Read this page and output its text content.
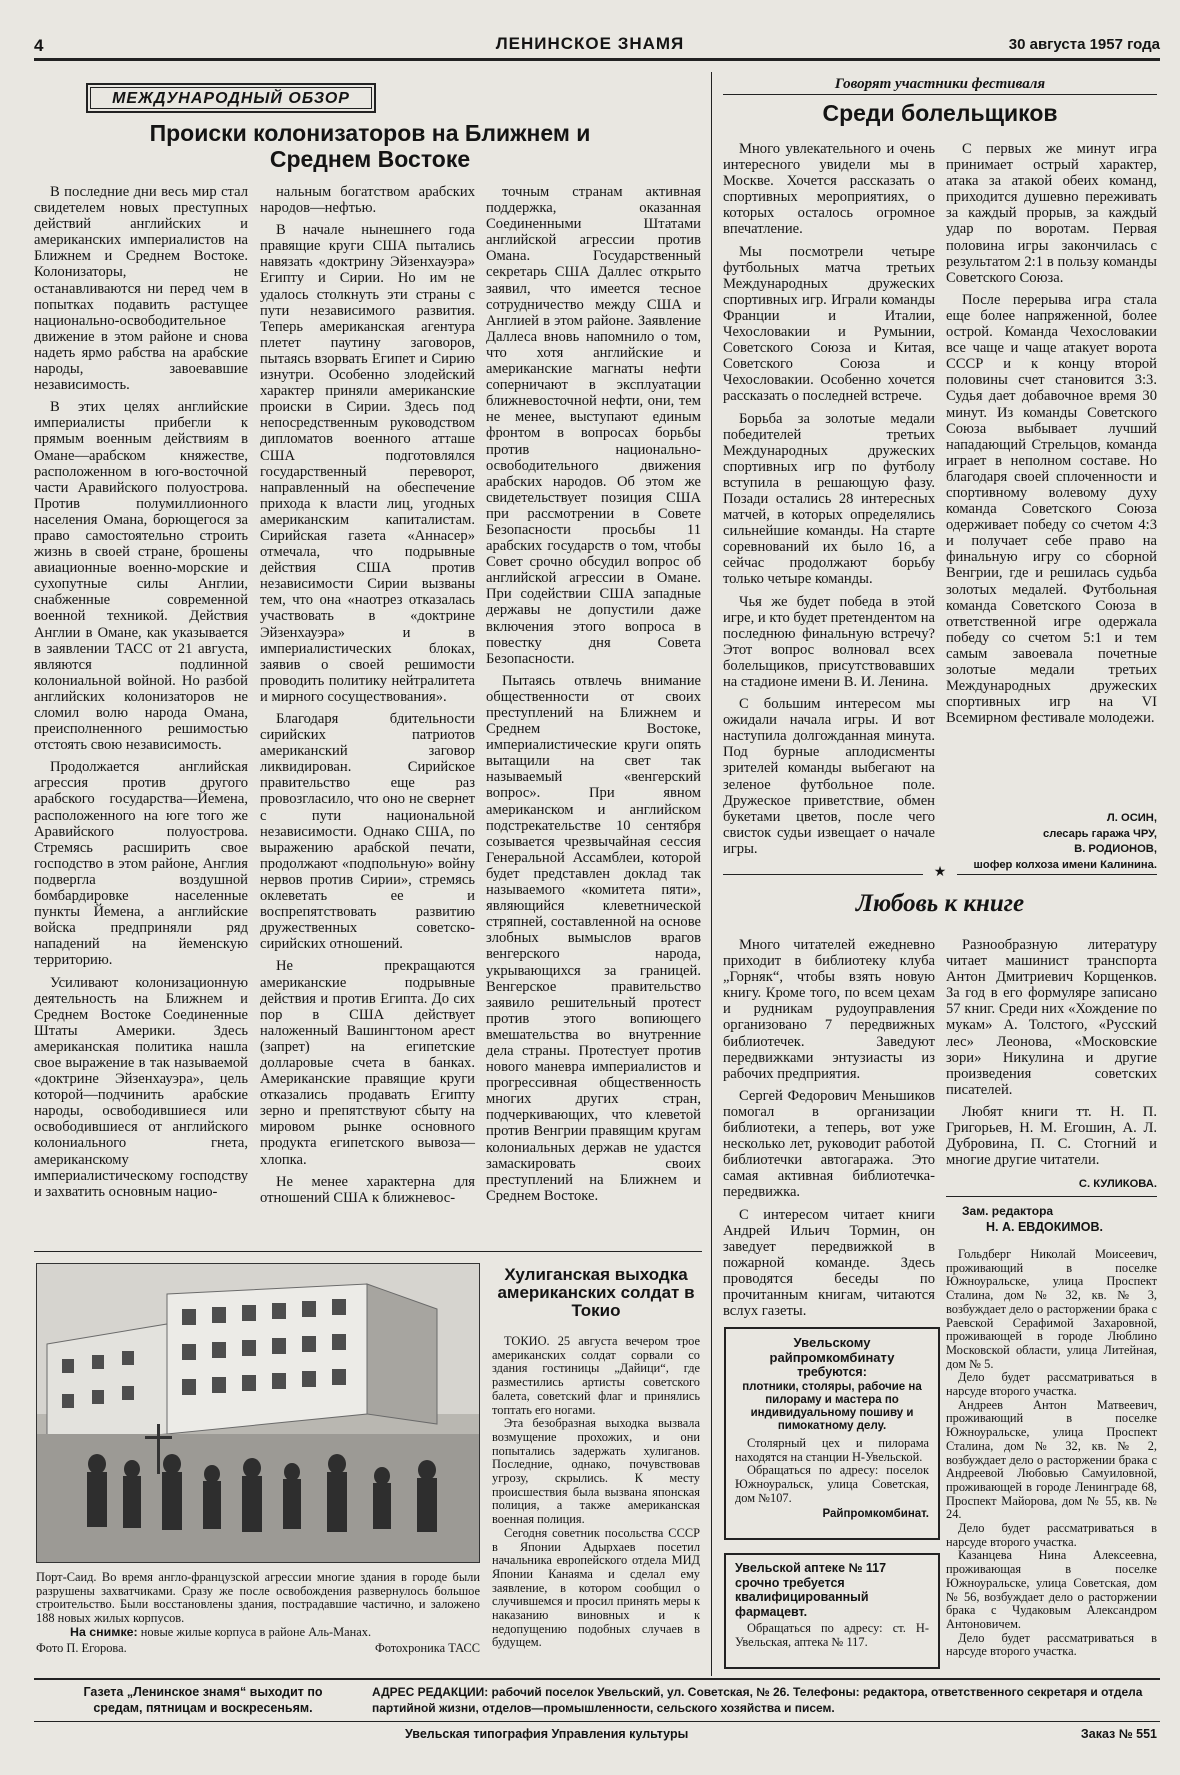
4	ЛЕНИНСКОЕ ЗНАМЯ	30 августа 1957 года
МЕЖДУНАРОДНЫЙ ОБЗОР
Происки колонизаторов на Ближнем и Среднем Востоке

В последние дни весь мир стал свидетелем новых преступных действий английских и американских империалистов на Ближнем и Среднем Востоке. Колонизаторы, не останавливаются ни перед чем в попытках подавить растущее национально-освободительное движение в этом районе и снова надеть ярмо рабства на арабские народы, завоевавшие независимость.

В этих целях английские империалисты прибегли к прямым военным действиям в Омане—арабском княжестве, расположенном в юго-восточной части Аравийского полуострова. Против полумиллионного населения Омана, борющегося за право самостоятельно строить жизнь в своей стране, брошены авиационные военно-морские и сухопутные силы Англии, снабженные современной военной техникой. Действия Англии в Омане, как указывается в заявлении ТАСС от 21 августа, являются подлинной колониальной войной. Но разбой английских колонизаторов не сломил волю народа Омана, преисполненного решимостью отстоять свою независимость.

Продолжается английская агрессия против другого арабского государства—Йемена, расположенного на юге того же Аравийского полуострова. Стремясь расширить свое господство в этом районе, Англия подвергла воздушной бомбардировке населенные пункты Йемена, а английские войска предприняли ряд нападений на йеменскую территорию.

Усиливают колонизационную деятельность на Ближнем и Среднем Востоке Соединенные Штаты Америки. Здесь американская политика нашла свое выражение в так называемой «доктрине Эйзенхауэра», цель которой—подчинить арабские народы, освободившиеся или освободившиеся от английского колониального гнета, американскому империалистическому господству и захватить основным нацио-

нальным богатством арабских народов—нефтью.

В начале нынешнего года правящие круги США пытались навязать «доктрину Эйзенхауэра» Египту и Сирии. Но им не удалось столкнуть эти страны с пути независимого развития. Теперь американская агентура плетет паутину заговоров, пытаясь взорвать Египет и Сирию изнутри. Особенно злодейский характер приняли американские происки в Сирии. Здесь под непосредственным руководством дипломатов военного атташе США подготовлялся государственный переворот, направленный на обеспечение прихода к власти лиц, угодных американским капиталистам. Сирийская газета «Аннасер» отмечала, что подрывные действия США против независимости Сирии вызваны тем, что она «наотрез отказалась участвовать в «доктрине Эйзенхауэра» и в империалистических блоках, заявив о своей решимости проводить политику нейтралитета и мирного сосуществования».

Благодаря бдительности сирийских патриотов американский заговор ликвидирован. Сирийское правительство еще раз провозгласило, что оно не свернет с пути национальной независимости. Однако США, по выражению арабской печати, продолжают «подпольную» войну нервов против Сирии», стремясь оклеветать ее и воспрепятствовать развитию дружественных советско-сирийских отношений.

Не прекращаются американские подрывные действия и против Египта. До сих пор в США действует наложенный Вашингтоном арест (запрет) на египетские долларовые счета в банках. Американские правящие круги отказались продавать Египту зерно и препятствуют сбыту на мировом рынке основного продукта египетского вывоза—хлопка.

Не менее характерна для отношений США к ближневос-

точным странам активная поддержка, оказанная Соединенными Штатами английской агрессии против Омана. Государственный секретарь США Даллес открыто заявил, что имеется тесное сотрудничество между США и Англией в этом районе. Заявление Даллеса вновь напомнило о том, что хотя английские и американские магнаты нефти соперничают в эксплуатации ближневосточной нефти, они, тем не менее, выступают единым фронтом в вопросах борьбы против национально-освободительного движения арабских народов. Об этом же свидетельствует позиция США при рассмотрении в Совете Безопасности просьбы 11 арабских государств о том, чтобы Совет срочно обсудил вопрос об английской агрессии в Омане. При содействии США западные державы не допустили даже включения этого вопроса в повестку дня Совета Безопасности.

Пытаясь отвлечь внимание общественности от своих преступлений на Ближнем и Среднем Востоке, империалистические круги опять вытащили на свет так называемый «венгерский вопрос». При явном американском и английском подстрекательстве 10 сентября созывается чрезвычайная сессия Генеральной Ассамблеи, которой будет представлен доклад так называемого «комитета пяти», являющийся клеветнической стряпней, составленной на основе злобных вымыслов врагов венгерского народа, укрывающихся за границей. Венгерское правительство заявило решительный протест против этого вопиющего вмешательства во внутренние дела страны. Протестует против нового маневра империалистов и прогрессивная общественность многих других стран, подчеркивающих, что клеветой против Венгрии правящим кругам колониальных держав не удастся замаскировать своих преступлений на Ближнем и Среднем Востоке.

Порт-Саид. Во время англо-французской агрессии многие здания в городе были разрушены захватчиками. Сразу же после освобождения развернулось большое строительство. Были восстановлены здания, пострадавшие частично, и заложено 188 новых жилых корпусов.
На снимке: новые жилые корпуса в районе Аль-Манах.
Фото П. Егорова.	Фотохроника ТАСС
Хулиганская выходка американских солдат в Токио

ТОКИО. 25 августа вечером трое американских солдат сорвали со здания гостиницы „Дайици“, где разместились артисты советского балета, советский флаг и принялись топтать его ногами.

Эта безобразная выходка вызвала возмущение прохожих, и они попытались задержать хулиганов. Последние, однако, почувствовав угрозу, скрылись. К месту происшествия была вызвана японская полиция, а также американская военная полиция.

Сегодня советник посольства СССР в Японии Адырхаев посетил начальника европейского отдела МИД Японии Канаяма и сделал ему заявление, в котором сообщил о случившемся и просил принять меры к наказанию виновных и к недопущению подобных случаев в будущем.

Говорят участники фестиваля
Среди болельщиков

Много увлекательного и очень интересного увидели мы в Москве. Хочется рассказать о спортивных мероприятиях, о которых осталось огромное впечатление.

Мы посмотрели четыре футбольных матча третьих Международных дружеских спортивных игр. Играли команды Франции и Италии, Чехословакии и Румынии, Советского Союза и Китая, Советского Союза и Чехословакии. Особенно хочется рассказать о последней встрече.

Борьба за золотые медали победителей третьих Международных дружеских спортивных игр по футболу вступила в решающую фазу. Позади остались 28 интересных матчей, в которых определялись сильнейшие команды. На старте соревнований их было 16, а сейчас продолжают борьбу только четыре команды.

Чья же будет победа в этой игре, и кто будет претендентом на последнюю финальную встречу? Этот вопрос волновал всех болельщиков, присутствовавших на стадионе имени В. И. Ленина.

С большим интересом мы ожидали начала игры. И вот наступила долгожданная минута. Под бурные аплодисменты зрителей команды выбегают на зеленое футбольное поле. Дружеское приветствие, обмен букетами цветов, после чего свисток судьи извещает о начале игры.

С первых же минут игра принимает острый характер, атака за атакой обеих команд, приходится душевно переживать за каждый прорыв, за каждый удар по воротам. Первая половина игры закончилась с результатом 2:1 в пользу команды Советского Союза.

После перерыва игра стала еще более напряженной, более острой. Команда Чехословакии все чаще и чаще атакует ворота СССР и к концу второй половины счет становится 3:3. Судья дает добавочное время 30 минут. Из команды Советского Союза выбывает лучший нападающий Стрельцов, команда играет в неполном составе. Но благодаря своей сплоченности и спортивному волевому духу команда Советского Союза одерживает победу со счетом 4:3 и получает себе право на финальную игру со сборной Венгрии, где и решилась судьба золотых медалей. Футбольная команда Советского Союза в ответственной игре одержала победу со счетом 5:1 и тем самым завоевала почетные золотые медали третьих Международных дружеских спортивных игр на VI Всемирном фестивале молодежи.

Л. ОСИН,
слесарь гаража ЧРУ,
В. РОДИОНОВ,
шофер колхоза имени Калинина.
★
Любовь к книге

Много читателей ежедневно приходит в библиотеку клуба „Горняк“, чтобы взять новую книгу. Кроме того, по всем цехам и рудникам рудоуправления организовано 7 передвижных библиотечек. Заведуют передвижками энтузиасты из рабочих предприятия.

Сергей Федорович Меньшиков помогал в организации библиотеки, а теперь, вот уже несколько лет, руководит работой библиотечки автогаража. Это самая активная библиотечка-передвижка.

С интересом читает книги Андрей Ильич Тормин, он заведует передвижкой в пожарной команде. Здесь проводятся беседы по прочитанным книгам, читаются вслух газеты.

Разнообразную литературу читает машинист транспорта Антон Дмитриевич Корщенков. За год в его формуляре записано 57 книг. Среди них «Хождение по мукам» А. Толстого, «Русский лес» Леонова, «Московские зори» Никулина и другие произведения советских писателей.

Любят книги тт. Н. П. Григорьев, Н. М. Егошин, А. Л. Дубровина, П. С. Стогний и многие другие читатели.

С. КУЛИКОВА.
Зам. редактора
Н. А. ЕВДОКИМОВ.

Гольдберг Николай Моисеевич, проживающий в поселке Южноуральске, улица Проспект Сталина, дом № 32, кв. № 3, возбуждает дело о расторжении брака с Раевской Серафимой Захаровной, проживающей в городе Люблино Московской области, улица Литейная, дом № 5.

Дело будет рассматриваться в нарсуде второго участка.

Андреев Антон Матвеевич, проживающий в поселке Южноуральске, улица Проспект Сталина, дом № 32, кв. № 2, возбуждает дело о расторжении брака с Андреевой Любовью Самуиловной, проживающей в городе Ленинграде 68, Проспект Майорова, дом № 55, кв. № 24.

Дело будет рассматриваться в нарсуде второго участка.

Казанцева Нина Алексеевна, проживающая в поселке Южноуральске, улица Советская, дом № 56, возбуждает дело о расторжении брака с Чудаковым Александром Антоновичем.

Дело будет рассматриваться в нарсуде второго участка.

Увельскому райпромкомбинату
требуются:
плотники, столяры, рабочие на пилораму и мастера по индивидуальному пошиву и пимокатному делу.
Столярный цех и пилорама находятся на станции Н-Увельской.
Обращаться по адресу: поселок Южноуральск, улица Советская, дом №107.
Райпромкомбинат.
Увельской аптеке № 117 срочно требуется квалифицированный фармацевт.
Обращаться по адресу: ст. Н-Увельская, аптека № 117.
Газета „Ленинское знамя“ выходит по средам, пятницам и воскресеньям.
АДРЕС РЕДАКЦИИ: рабочий поселок Увельский, ул. Советская, № 26. Телефоны: редактора, ответственного секретаря и отдела партийной жизни, отделов—промышленности, сельского хозяйства и писем.
Увельская типография Управления культуры	Заказ № 551
